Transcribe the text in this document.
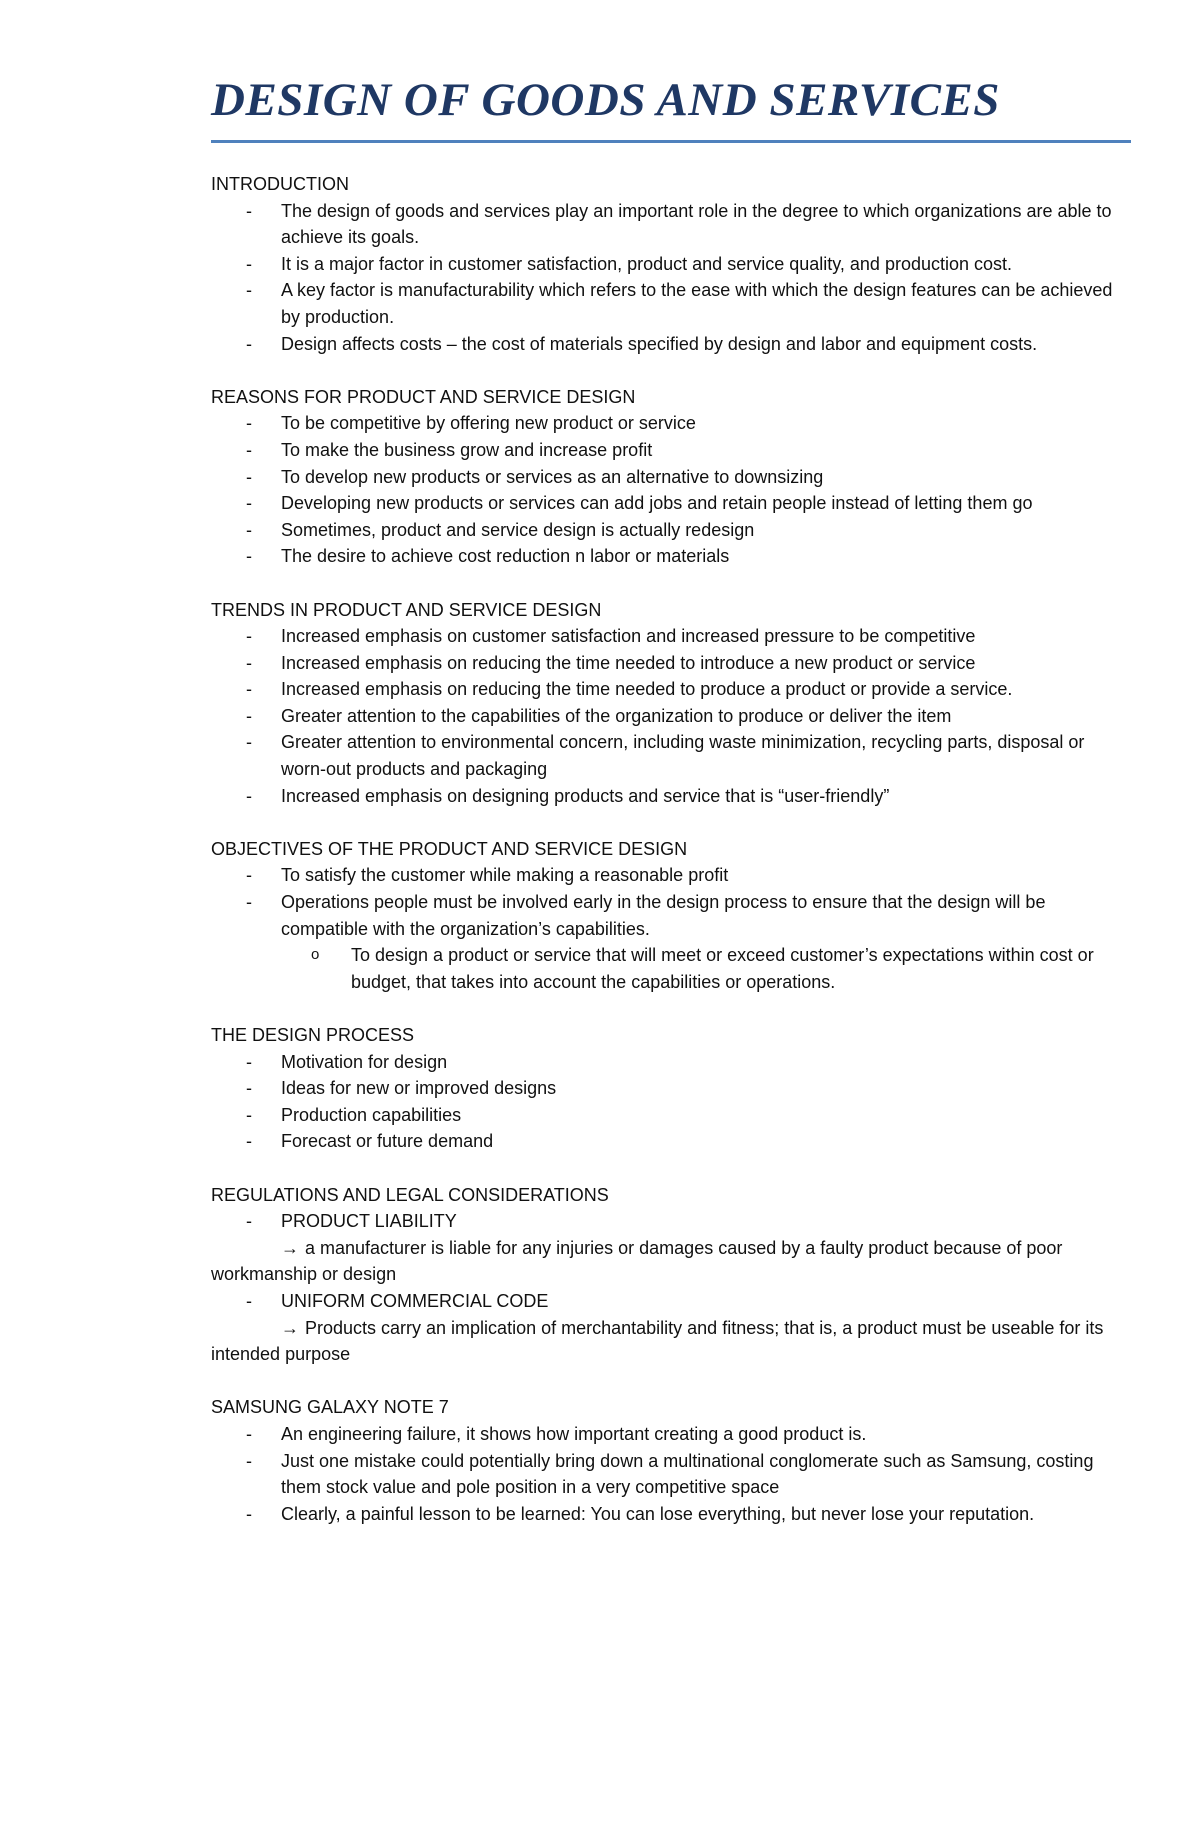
DESIGN OF GOODS AND SERVICES
INTRODUCTION
- The design of goods and services play an important role in the degree to which organizations are able to achieve its goals.
- It is a major factor in customer satisfaction, product and service quality, and production cost.
- A key factor is manufacturability which refers to the ease with which the design features can be achieved by production.
- Design affects costs – the cost of materials specified by design and labor and equipment costs.
REASONS FOR PRODUCT AND SERVICE DESIGN
- To be competitive by offering new product or service
- To make the business grow and increase profit
- To develop new products or services as an alternative to downsizing
- Developing new products or services can add jobs and retain people instead of letting them go
- Sometimes, product and service design is actually redesign
- The desire to achieve cost reduction n labor or materials
TRENDS IN PRODUCT AND SERVICE DESIGN
- Increased emphasis on customer satisfaction and increased pressure to be competitive
- Increased emphasis on reducing the time needed to introduce a new product or service
- Increased emphasis on reducing the time needed to produce a product or provide a service.
- Greater attention to the capabilities of the organization to produce or deliver the item
- Greater attention to environmental concern, including waste minimization, recycling parts, disposal or worn-out products and packaging
- Increased emphasis on designing products and service that is “user-friendly”
OBJECTIVES OF THE PRODUCT AND SERVICE DESIGN
- To satisfy the customer while making a reasonable profit
- Operations people must be involved early in the design process to ensure that the design will be compatible with the organization’s capabilities.
o To design a product or service that will meet or exceed customer’s expectations within cost or budget, that takes into account the capabilities or operations.
THE DESIGN PROCESS
- Motivation for design
- Ideas for new or improved designs
- Production capabilities
- Forecast or future demand
REGULATIONS AND LEGAL CONSIDERATIONS
- PRODUCT LIABILITY
→ a manufacturer is liable for any injuries or damages caused by a faulty product because of poor workmanship or design
- UNIFORM COMMERCIAL CODE
→ Products carry an implication of merchantability and fitness; that is, a product must be useable for its intended purpose
SAMSUNG GALAXY NOTE 7
- An engineering failure, it shows how important creating a good product is.
- Just one mistake could potentially bring down a multinational conglomerate such as Samsung, costing them stock value and pole position in a very competitive space
- Clearly, a painful lesson to be learned: You can lose everything, but never lose your reputation.
